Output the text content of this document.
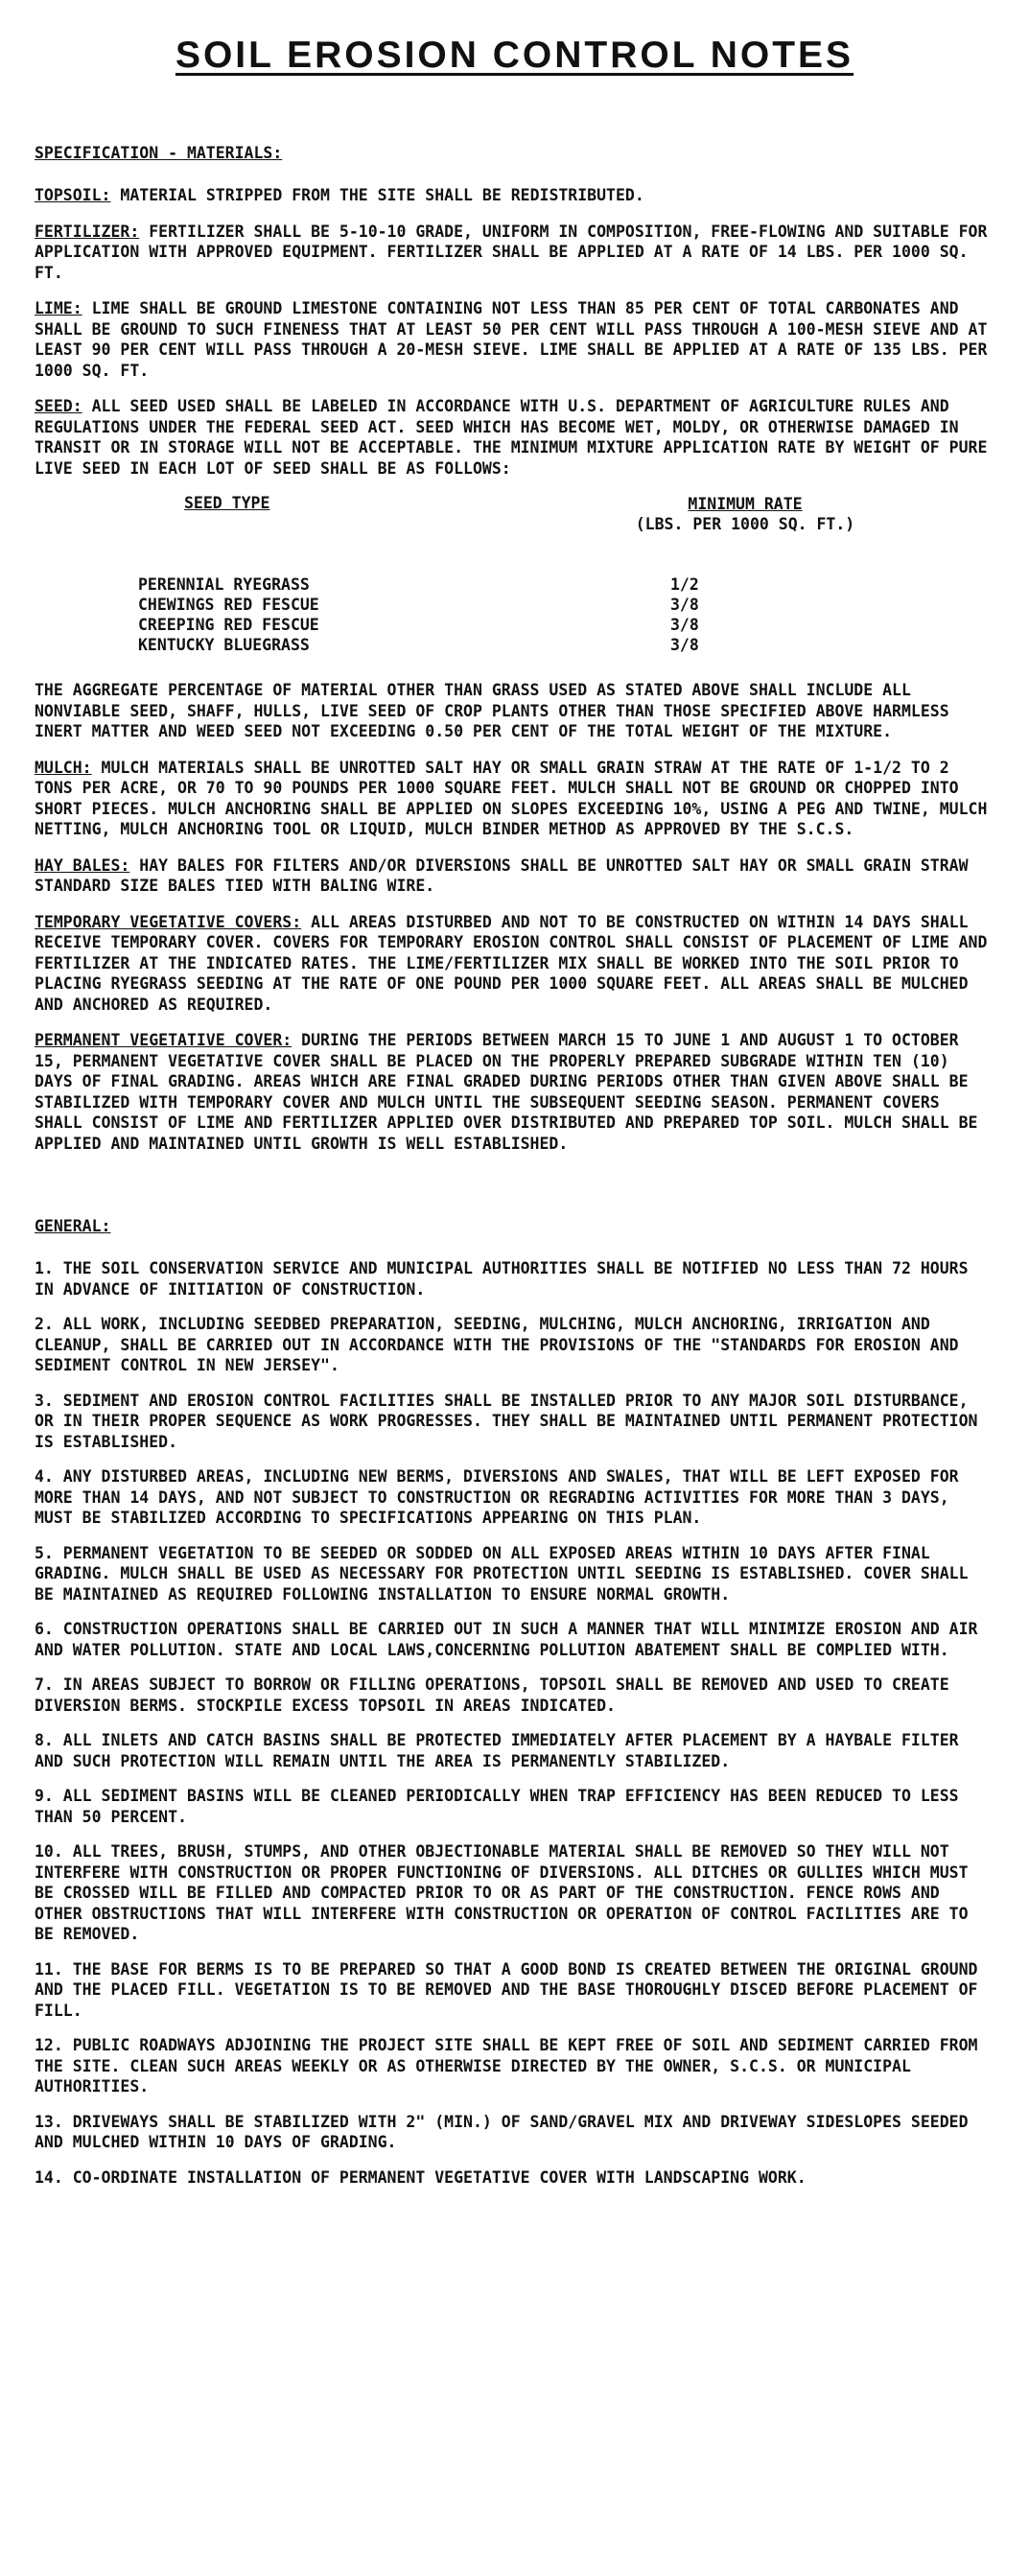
SOIL EROSION CONTROL NOTES
SPECIFICATION - MATERIALS:

TOPSOIL: MATERIAL STRIPPED FROM THE SITE SHALL BE REDISTRIBUTED.

FERTILIZER: FERTILIZER SHALL BE 5-10-10 GRADE, UNIFORM IN COMPOSITION, FREE-FLOWING AND SUITABLE FOR APPLICATION WITH APPROVED EQUIPMENT. FERTILIZER SHALL BE APPLIED AT A RATE OF 14 LBS. PER 1000 SQ. FT.

LIME: LIME SHALL BE GROUND LIMESTONE CONTAINING NOT LESS THAN 85 PER CENT OF TOTAL CARBONATES AND SHALL BE GROUND TO SUCH FINENESS THAT AT LEAST 50 PER CENT WILL PASS THROUGH A 100-MESH SIEVE AND AT LEAST 90 PER CENT WILL PASS THROUGH A 20-MESH SIEVE. LIME SHALL BE APPLIED AT A RATE OF 135 LBS. PER 1000 SQ. FT.

SEED: ALL SEED USED SHALL BE LABELED IN ACCORDANCE WITH U.S. DEPARTMENT OF AGRICULTURE RULES AND REGULATIONS UNDER THE FEDERAL SEED ACT. SEED WHICH HAS BECOME WET, MOLDY, OR OTHERWISE DAMAGED IN TRANSIT OR IN STORAGE WILL NOT BE ACCEPTABLE. THE MINIMUM MIXTURE APPLICATION RATE BY WEIGHT OF PURE LIVE SEED IN EACH LOT OF SEED SHALL BE AS FOLLOWS:

SEED TYPE	MINIMUM RATE
(LBS. PER 1000 SQ. FT.)
PERENNIAL RYEGRASS	1/2
CHEWINGS RED FESCUE	3/8
CREEPING RED FESCUE	3/8
KENTUCKY BLUEGRASS	3/8

THE AGGREGATE PERCENTAGE OF MATERIAL OTHER THAN GRASS USED AS STATED ABOVE SHALL INCLUDE ALL NONVIABLE SEED, SHAFF, HULLS, LIVE SEED OF CROP PLANTS OTHER THAN THOSE SPECIFIED ABOVE HARMLESS INERT MATTER AND WEED SEED NOT EXCEEDING 0.50 PER CENT OF THE TOTAL WEIGHT OF THE MIXTURE.

MULCH: MULCH MATERIALS SHALL BE UNROTTED SALT HAY OR SMALL GRAIN STRAW AT THE RATE OF 1-1/2 TO 2 TONS PER ACRE, OR 70 TO 90 POUNDS PER 1000 SQUARE FEET. MULCH SHALL NOT BE GROUND OR CHOPPED INTO SHORT PIECES. MULCH ANCHORING SHALL BE APPLIED ON SLOPES EXCEEDING 10%, USING A PEG AND TWINE, MULCH NETTING, MULCH ANCHORING TOOL OR LIQUID, MULCH BINDER METHOD AS APPROVED BY THE S.C.S.

HAY BALES: HAY BALES FOR FILTERS AND/OR DIVERSIONS SHALL BE UNROTTED SALT HAY OR SMALL GRAIN STRAW STANDARD SIZE BALES TIED WITH BALING WIRE.

TEMPORARY VEGETATIVE COVERS: ALL AREAS DISTURBED AND NOT TO BE CONSTRUCTED ON WITHIN 14 DAYS SHALL RECEIVE TEMPORARY COVER. COVERS FOR TEMPORARY EROSION CONTROL SHALL CONSIST OF PLACEMENT OF LIME AND FERTILIZER AT THE INDICATED RATES. THE LIME/FERTILIZER MIX SHALL BE WORKED INTO THE SOIL PRIOR TO PLACING RYEGRASS SEEDING AT THE RATE OF ONE POUND PER 1000 SQUARE FEET. ALL AREAS SHALL BE MULCHED AND ANCHORED AS REQUIRED.

PERMANENT VEGETATIVE COVER: DURING THE PERIODS BETWEEN MARCH 15 TO JUNE 1 AND AUGUST 1 TO OCTOBER 15, PERMANENT VEGETATIVE COVER SHALL BE PLACED ON THE PROPERLY PREPARED SUBGRADE WITHIN TEN (10) DAYS OF FINAL GRADING. AREAS WHICH ARE FINAL GRADED DURING PERIODS OTHER THAN GIVEN ABOVE SHALL BE STABILIZED WITH TEMPORARY COVER AND MULCH UNTIL THE SUBSEQUENT SEEDING SEASON. PERMANENT COVERS SHALL CONSIST OF LIME AND FERTILIZER APPLIED OVER DISTRIBUTED AND PREPARED TOP SOIL. MULCH SHALL BE APPLIED AND MAINTAINED UNTIL GROWTH IS WELL ESTABLISHED.

GENERAL:

1. THE SOIL CONSERVATION SERVICE AND MUNICIPAL AUTHORITIES SHALL BE NOTIFIED NO LESS THAN 72 HOURS IN ADVANCE OF INITIATION OF CONSTRUCTION.

2. ALL WORK, INCLUDING SEEDBED PREPARATION, SEEDING, MULCHING, MULCH ANCHORING, IRRIGATION AND CLEANUP, SHALL BE CARRIED OUT IN ACCORDANCE WITH THE PROVISIONS OF THE "STANDARDS FOR EROSION AND SEDIMENT CONTROL IN NEW JERSEY".

3. SEDIMENT AND EROSION CONTROL FACILITIES SHALL BE INSTALLED PRIOR TO ANY MAJOR SOIL DISTURBANCE, OR IN THEIR PROPER SEQUENCE AS WORK PROGRESSES. THEY SHALL BE MAINTAINED UNTIL PERMANENT PROTECTION IS ESTABLISHED.

4. ANY DISTURBED AREAS, INCLUDING NEW BERMS, DIVERSIONS AND SWALES, THAT WILL BE LEFT EXPOSED FOR MORE THAN 14 DAYS, AND NOT SUBJECT TO CONSTRUCTION OR REGRADING ACTIVITIES FOR MORE THAN 3 DAYS, MUST BE STABILIZED ACCORDING TO SPECIFICATIONS APPEARING ON THIS PLAN.

5. PERMANENT VEGETATION TO BE SEEDED OR SODDED ON ALL EXPOSED AREAS WITHIN 10 DAYS AFTER FINAL GRADING. MULCH SHALL BE USED AS NECESSARY FOR PROTECTION UNTIL SEEDING IS ESTABLISHED. COVER SHALL BE MAINTAINED AS REQUIRED FOLLOWING INSTALLATION TO ENSURE NORMAL GROWTH.

6. CONSTRUCTION OPERATIONS SHALL BE CARRIED OUT IN SUCH A MANNER THAT WILL MINIMIZE EROSION AND AIR AND WATER POLLUTION. STATE AND LOCAL LAWS,CONCERNING POLLUTION ABATEMENT SHALL BE COMPLIED WITH.

7. IN AREAS SUBJECT TO BORROW OR FILLING OPERATIONS, TOPSOIL SHALL BE REMOVED AND USED TO CREATE DIVERSION BERMS. STOCKPILE EXCESS TOPSOIL IN AREAS INDICATED.

8. ALL INLETS AND CATCH BASINS SHALL BE PROTECTED IMMEDIATELY AFTER PLACEMENT BY A HAYBALE FILTER AND SUCH PROTECTION WILL REMAIN UNTIL THE AREA IS PERMANENTLY STABILIZED.

9. ALL SEDIMENT BASINS WILL BE CLEANED PERIODICALLY WHEN TRAP EFFICIENCY HAS BEEN REDUCED TO LESS THAN 50 PERCENT.

10. ALL TREES, BRUSH, STUMPS, AND OTHER OBJECTIONABLE MATERIAL SHALL BE REMOVED SO THEY WILL NOT INTERFERE WITH CONSTRUCTION OR PROPER FUNCTIONING OF DIVERSIONS. ALL DITCHES OR GULLIES WHICH MUST BE CROSSED WILL BE FILLED AND COMPACTED PRIOR TO OR AS PART OF THE CONSTRUCTION. FENCE ROWS AND OTHER OBSTRUCTIONS THAT WILL INTERFERE WITH CONSTRUCTION OR OPERATION OF CONTROL FACILITIES ARE TO BE REMOVED.

11. THE BASE FOR BERMS IS TO BE PREPARED SO THAT A GOOD BOND IS CREATED BETWEEN THE ORIGINAL GROUND AND THE PLACED FILL. VEGETATION IS TO BE REMOVED AND THE BASE THOROUGHLY DISCED BEFORE PLACEMENT OF FILL.

12. PUBLIC ROADWAYS ADJOINING THE PROJECT SITE SHALL BE KEPT FREE OF SOIL AND SEDIMENT CARRIED FROM THE SITE. CLEAN SUCH AREAS WEEKLY OR AS OTHERWISE DIRECTED BY THE OWNER, S.C.S. OR MUNICIPAL AUTHORITIES.

13. DRIVEWAYS SHALL BE STABILIZED WITH 2" (MIN.) OF SAND/GRAVEL MIX AND DRIVEWAY SIDESLOPES SEEDED AND MULCHED WITHIN 10 DAYS OF GRADING.

14. CO-ORDINATE INSTALLATION OF PERMANENT VEGETATIVE COVER WITH LANDSCAPING WORK.
